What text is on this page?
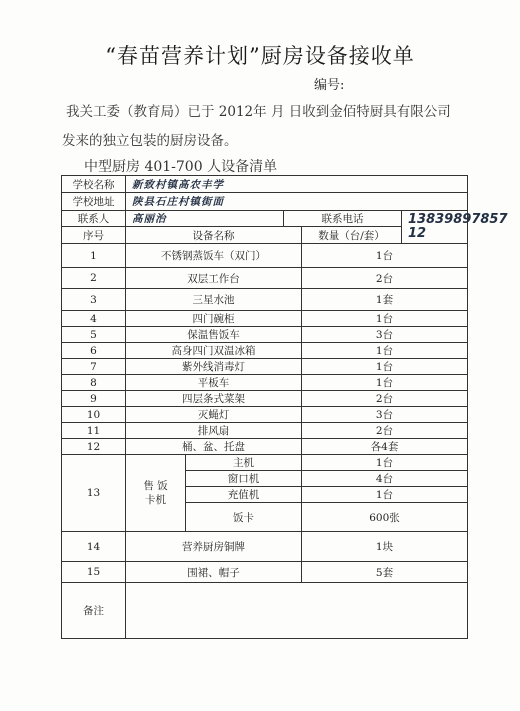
“春苗营养计划”厨房设备接收单
编号:
我关工委（教育局）已于 2012年 月 日收到金佰特厨具有限公司
发来的独立包装的厨房设备。
中型厨房 401-700 人设备清单
学校名称	新致村镇高农丰学				
学校地址	陕县石庄村镇街面				
联系人	高丽治		联系电话		13839897857
12
序号	设备名称			数量（台/套）	
1	不锈钢蒸饭车（双门）			1台	
2	双层工作台			2台	
3	三星水池			1套	
4	四门碗柜			1台	
5	保温售饭车			3台	
6	高身四门双温冰箱			1台	
7	紫外线消毒灯			1台	
8	平板车			1台	
9	四层条式菜架			2台	
10	灭蝇灯			3台	
11	排风扇			2台	
12	桶、盆、托盘			各4套	
13	售 饭
卡机	主机		1台	
		窗口机		4台	
		充值机		1台	
		饭卡		600张	
14	营养厨房铜牌			1块	
15	围裙、帽子			5套	
备注					
